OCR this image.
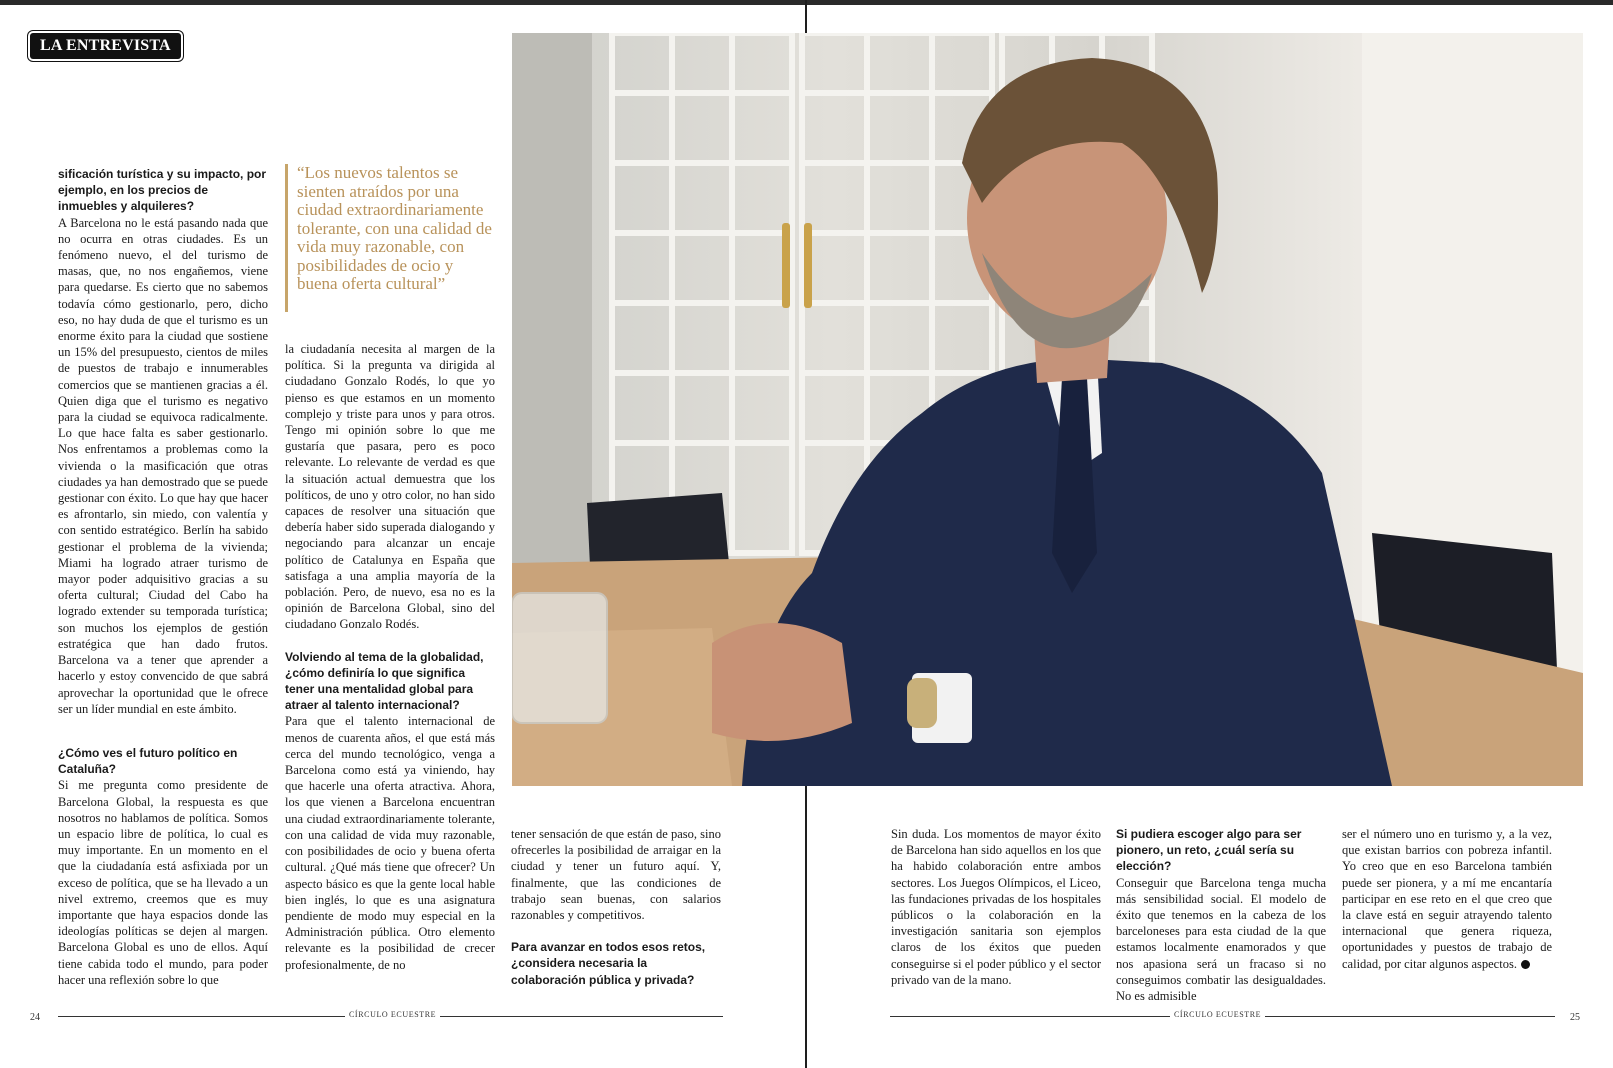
LA ENTREVISTA

sificación turística y su impacto, por ejemplo, en los precios de inmuebles y alquileres?

A Barcelona no le está pasando nada que no ocurra en otras ciudades. Es un fenómeno nuevo, el del turismo de masas, que, no nos engañemos, viene para quedarse. Es cierto que no sabemos todavía cómo gestionarlo, pero, dicho eso, no hay duda de que el turismo es un enorme éxito para la ciudad que sostiene un 15% del presupuesto, cientos de miles de puestos de trabajo e innumerables comercios que se mantienen gracias a él. Quien diga que el turismo es negativo para la ciudad se equivoca radicalmente. Lo que hace falta es saber gestionarlo. Nos enfrentamos a problemas como la vivienda o la masificación que otras ciudades ya han demostrado que se puede gestionar con éxito. Lo que hay que hacer es afrontarlo, sin miedo, con valentía y con sentido estratégico. Berlín ha sabido gestionar el problema de la vivienda; Miami ha logrado atraer turismo de mayor poder adquisitivo gracias a su oferta cultural; Ciudad del Cabo ha logrado extender su temporada turística; son muchos los ejemplos de gestión estratégica que han dado frutos. Barcelona va a tener que aprender a hacerlo y estoy convencido de que sabrá aprovechar la oportunidad que le ofrece ser un líder mundial en este ámbito.

¿Cómo ves el futuro político en Cataluña?

Si me pregunta como presidente de Barcelona Global, la respuesta es que nosotros no hablamos de política. Somos un espacio libre de política, lo cual es muy importante. En un momento en el que la ciudadanía está asfixiada por un exceso de política, que se ha llevado a un nivel extremo, creemos que es muy importante que haya espacios donde las ideologías políticas se dejen al margen. Barcelona Global es uno de ellos. Aquí tiene cabida todo el mundo, para poder hacer una reflexión sobre lo que

“Los nuevos talentos se sienten atraídos por una ciudad extraordinariamente tolerante, con una calidad de vida muy razonable, con posibilidades de ocio y buena oferta cultural”

la ciudadanía necesita al margen de la política. Si la pregunta va dirigida al ciudadano Gonzalo Rodés, lo que yo pienso es que estamos en un momento complejo y triste para unos y para otros. Tengo mi opinión sobre lo que me gustaría que pasara, pero es poco relevante. Lo relevante de verdad es que la situación actual demuestra que los políticos, de uno y otro color, no han sido capaces de resolver una situación que debería haber sido superada dialogando y negociando para alcanzar un encaje político de Catalunya en España que satisfaga a una amplia mayoría de la población. Pero, de nuevo, esa no es la opinión de Barcelona Global, sino del ciudadano Gonzalo Rodés.

Volviendo al tema de la globalidad, ¿cómo definiría lo que significa tener una mentalidad global para atraer al talento internacional?

Para que el talento internacional de menos de cuarenta años, el que está más cerca del mundo tecnológico, venga a Barcelona como está ya viniendo, hay que hacerle una oferta atractiva. Ahora, los que vienen a Barcelona encuentran una ciudad extraordinariamente tolerante, con una calidad de vida muy razonable, con posibilidades de ocio y buena oferta cultural. ¿Qué más tiene que ofrecer? Un aspecto básico es que la gente local hable bien inglés, lo que es una asignatura pendiente de modo muy especial en la Administración pública. Otro elemento relevante es la posibilidad de crecer profesionalmente, de no

tener sensación de que están de paso, sino ofrecerles la posibilidad de arraigar en la ciudad y tener un futuro aquí. Y, finalmente, que las condiciones de trabajo sean buenas, con salarios razonables y competitivos.

Para avanzar en todos esos retos, ¿considera necesaria la colaboración pública y privada?

Sin duda. Los momentos de mayor éxito de Barcelona han sido aquellos en los que ha habido colaboración entre ambos sectores. Los Juegos Olímpicos, el Liceo, las fundaciones privadas de los hospitales públicos o la colaboración en la investigación sanitaria son ejemplos claros de los éxitos que pueden conseguirse si el poder público y el sector privado van de la mano.

Si pudiera escoger algo para ser pionero, un reto, ¿cuál sería su elección?

Conseguir que Barcelona tenga mucha más sensibilidad social. El modelo de éxito que tenemos en la cabeza de los barceloneses para esta ciudad de la que estamos localmente enamorados y que nos apasiona será un fracaso si no conseguimos combatir las desigualdades. No es admisible

ser el número uno en turismo y, a la vez, que existan barrios con pobreza infantil. Yo creo que en eso Barcelona también puede ser pionera, y a mí me encantaría participar en ese reto en el que creo que la clave está en seguir atrayendo talento internacional que genera riqueza, oportunidades y puestos de trabajo de calidad, por citar algunos aspectos.

24	CÍRCULO ECUESTRE	CÍRCULO ECUESTRE	25
